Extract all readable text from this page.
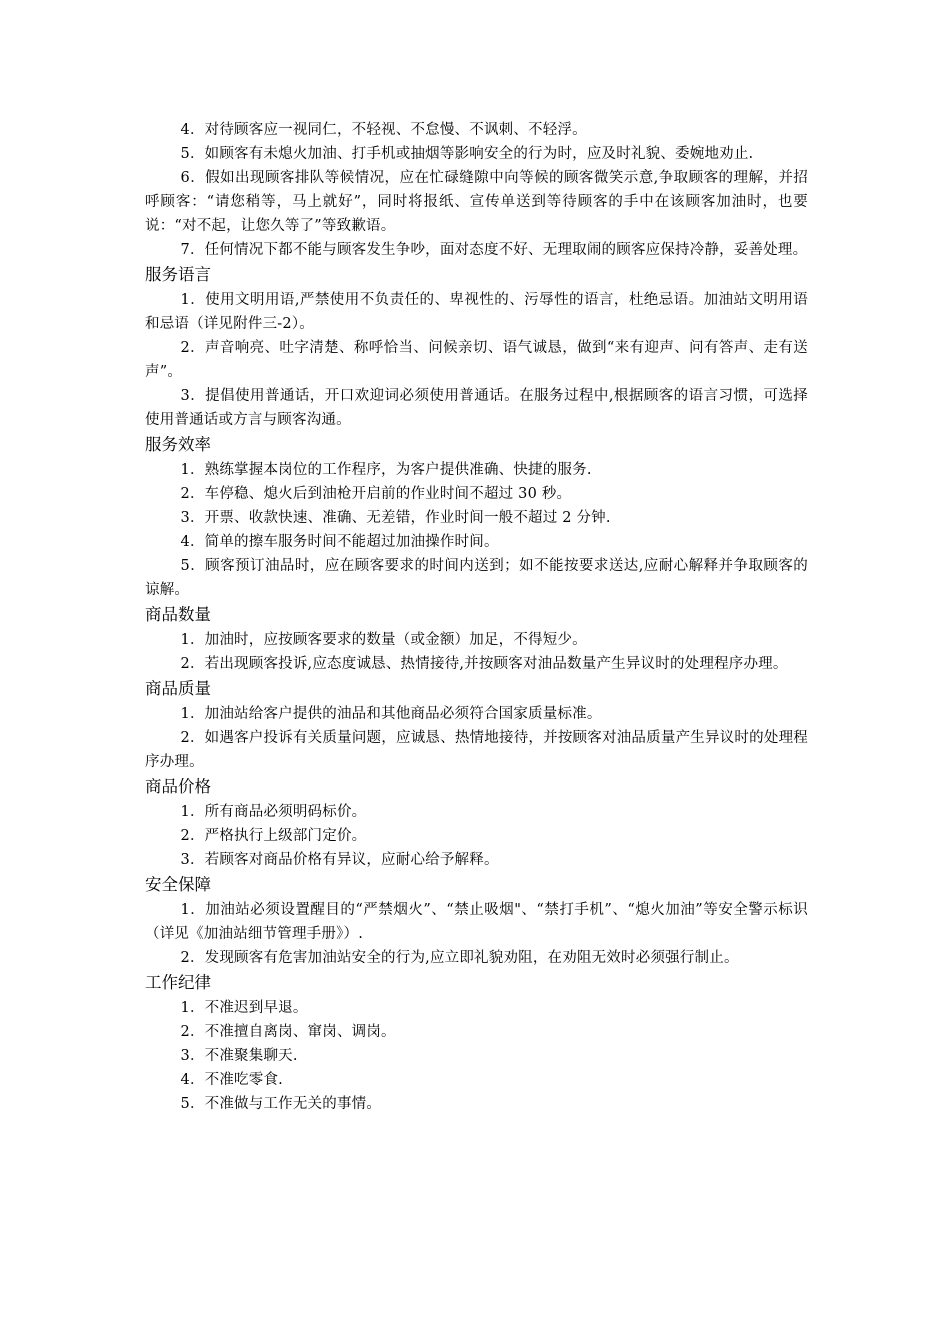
4．对待顾客应一视同仁，不轻视、不怠慢、不讽刺、不轻浮。

5．如顾客有未熄火加油、打手机或抽烟等影响安全的行为时，应及时礼貌、委婉地劝止.

6．假如出现顾客排队等候情况，应在忙碌缝隙中向等候的顾客微笑示意,争取顾客的理解，并招呼顾客：“请您稍等，马上就好”，同时将报纸、宣传单送到等待顾客的手中在该顾客加油时，也要说：“对不起，让您久等了”等致歉语。

7．任何情况下都不能与顾客发生争吵，面对态度不好、无理取闹的顾客应保持冷静，妥善处理。

服务语言

1．使用文明用语,严禁使用不负责任的、卑视性的、污辱性的语言，杜绝忌语。加油站文明用语和忌语（详见附件三-2）。

2．声音响亮、吐字清楚、称呼恰当、问候亲切、语气诚恳，做到“来有迎声、问有答声、走有送声”。

3．提倡使用普通话，开口欢迎词必须使用普通话。在服务过程中,根据顾客的语言习惯，可选择使用普通话或方言与顾客沟通。

服务效率

1．熟练掌握本岗位的工作程序，为客户提供准确、快捷的服务.

2．车停稳、熄火后到油枪开启前的作业时间不超过 30 秒。

3．开票、收款快速、准确、无差错，作业时间一般不超过 2 分钟.

4．简单的擦车服务时间不能超过加油操作时间。

5．顾客预订油品时，应在顾客要求的时间内送到；如不能按要求送达,应耐心解释并争取顾客的谅解。

商品数量

1．加油时，应按顾客要求的数量（或金额）加足，不得短少。

2．若出现顾客投诉,应态度诚恳、热情接待,并按顾客对油品数量产生异议时的处理程序办理。

商品质量

1．加油站给客户提供的油品和其他商品必须符合国家质量标准。

2．如遇客户投诉有关质量问题，应诚恳、热情地接待，并按顾客对油品质量产生异议时的处理程序办理。

商品价格

1．所有商品必须明码标价。

2．严格执行上级部门定价。

3．若顾客对商品价格有异议，应耐心给予解释。

安全保障

1．加油站必须设置醒目的“严禁烟火”、“禁止吸烟"、“禁打手机”、“熄火加油”等安全警示标识（详见《加油站细节管理手册》）.

2．发现顾客有危害加油站安全的行为,应立即礼貌劝阻，在劝阻无效时必须强行制止。

工作纪律

1．不准迟到早退。

2．不准擅自离岗、窜岗、调岗。

3．不准聚集聊天.

4．不准吃零食.

5．不准做与工作无关的事情。
